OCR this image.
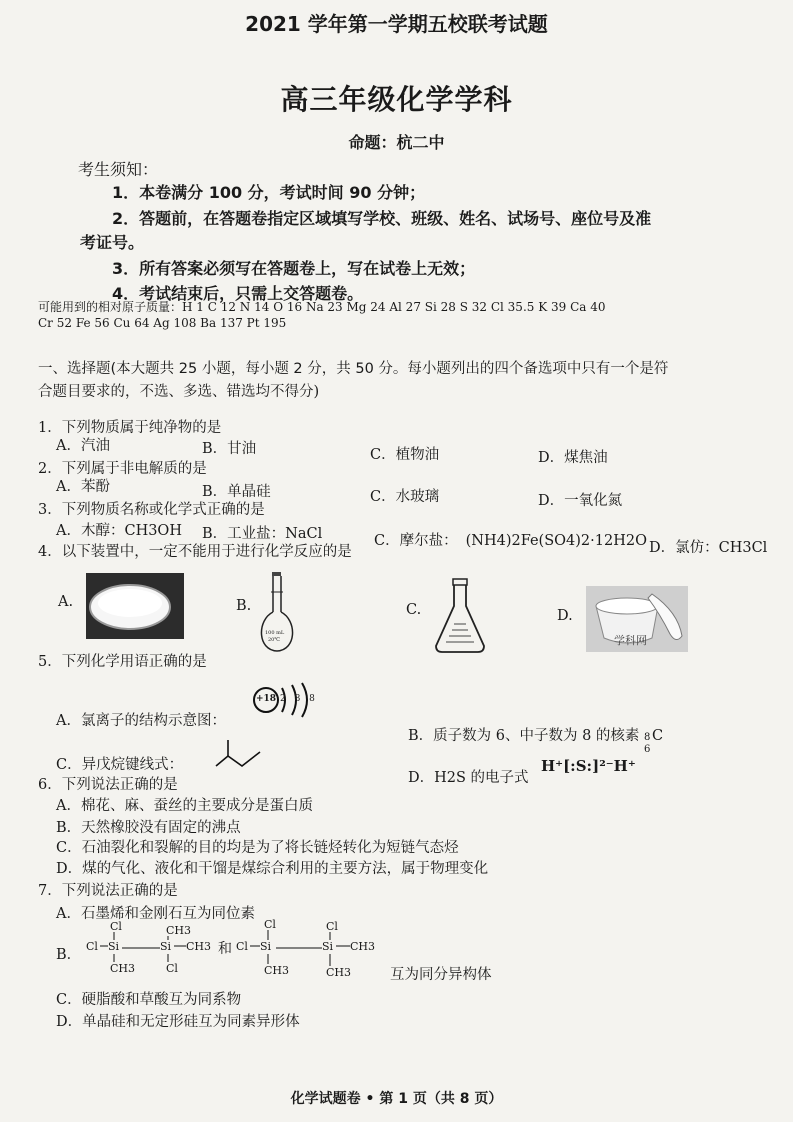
2021 学年第一学期五校联考试题
高三年级化学学科
命题：杭二中
考生须知：
1．本卷满分 100 分，考试时间 90 分钟；
2．答题前，在答题卷指定区域填写学校、班级、姓名、试场号、座位号及准
考证号。
3．所有答案必须写在答题卷上，写在试卷上无效；
4．考试结束后，只需上交答题卷。
可能用到的相对原子质量：H 1 C 12 N 14 O 16 Na 23 Mg 24 Al 27 Si 28 S 32 Cl 35.5 K 39 Ca 40
Cr 52 Fe 56 Cu 64 Ag 108 Ba 137 Pt 195
一、选择题(本大题共 25 小题，每小题 2 分，共 50 分。每小题列出的四个备选项中只有一个是符
合题目要求的，不选、多选、错选均不得分)
1．下列物质属于纯净物的是
A．汽油	B．甘油	C．植物油	D．煤焦油
2．下列属于非电解质的是
A．苯酚	B．单晶硅	C．水玻璃	D．一氧化氮
3．下列物质名称或化学式正确的是
A．木醇：CH3OH B．工业盐：NaCl	C．摩尔盐： (NH4)2Fe(SO4)2·12H2O D．氯仿：CH3Cl
4．以下装置中，一定不能用于进行化学反应的是
A.	B.
100 mL
20℃
C.	D.
学科网
5．下列化学用语正确的是
A．氯离子的结构示意图：
+18 2 8 8
B．质子数为 6、中子数为 8 的核素 8
6
C
C．异戊烷键线式：
D．H2S 的电子式
H⁺[:S:]²⁻H⁺
6．下列说法正确的是
A．棉花、麻、蚕丝的主要成分是蛋白质
B．天然橡胶没有固定的沸点
C．石油裂化和裂解的目的均是为了将长链烃转化为短链气态烃
D．煤的气化、液化和干馏是煤综合利用的主要方法，属于物理变化
7．下列说法正确的是
A．石墨烯和金刚石互为同位素
B．
Cl
Cl Si
CH3
CH3
Si CH3
Cl
和
Cl
Cl Si
CH3
Cl
Si CH3
CH3	互为同分异构体
C．硬脂酸和草酸互为同系物
D．单晶硅和无定形硅互为同素异形体
化学试题卷 • 第 1 页（共 8 页）
